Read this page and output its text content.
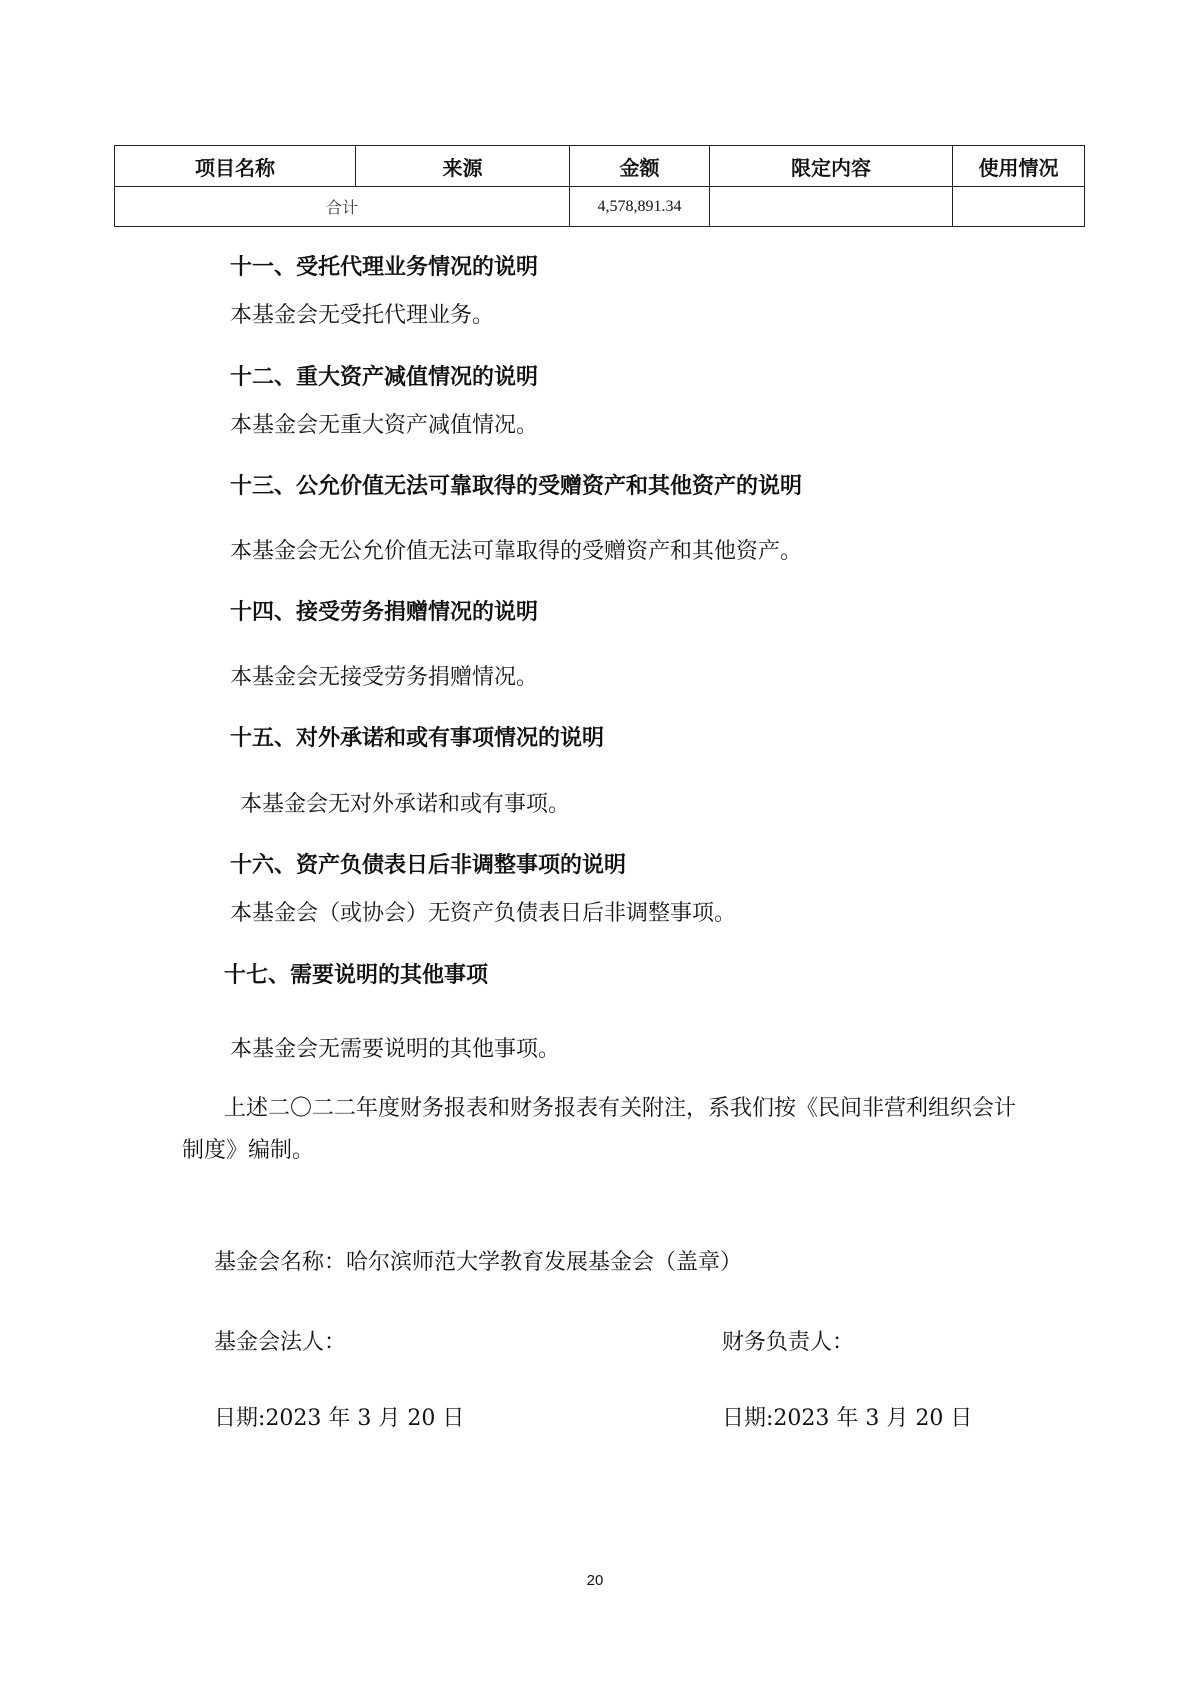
项目名称	来源	金额	限定内容	使用情况
合计		4,578,891.34		
十一、受托代理业务情况的说明
本基金会无受托代理业务。
十二、重大资产减值情况的说明
本基金会无重大资产减值情况。
十三、公允价值无法可靠取得的受赠资产和其他资产的说明
本基金会无公允价值无法可靠取得的受赠资产和其他资产。
十四、接受劳务捐赠情况的说明
本基金会无接受劳务捐赠情况。
十五、对外承诺和或有事项情况的说明
本基金会无对外承诺和或有事项。
十六、资产负债表日后非调整事项的说明
本基金会（或协会）无资产负债表日后非调整事项。
十七、需要说明的其他事项
本基金会无需要说明的其他事项。
上述二〇二二年度财务报表和财务报表有关附注，系我们按《民间非营利组织会计制度》编制。
基金会名称：哈尔滨师范大学教育发展基金会（盖章）
基金会法人：	财务负责人：
日期:2023 年 3 月 20 日	日期:2023 年 3 月 20 日
20
